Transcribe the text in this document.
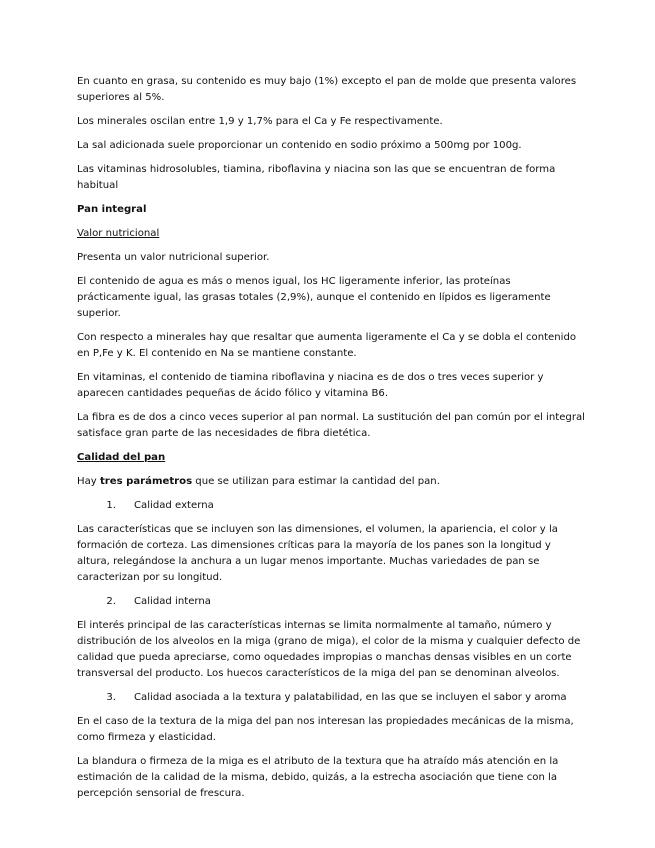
En cuanto en grasa, su contenido es muy bajo (1%) excepto el pan de molde que presenta valores superiores al 5%.

Los minerales oscilan entre 1,9 y 1,7% para el Ca y Fe respectivamente.

La sal adicionada suele proporcionar un contenido en sodio próximo a 500mg por 100g.

Las vitaminas hidrosolubles, tiamina, riboflavina y niacina son las que se encuentran de forma habitual

Pan integral

Valor nutricional

Presenta un valor nutricional superior.

El contenido de agua es más o menos igual, los HC ligeramente inferior, las proteínas prácticamente igual, las grasas totales (2,9%), aunque el contenido en lípidos es ligeramente superior.

Con respecto a minerales hay que resaltar que aumenta ligeramente el Ca y se dobla el contenido en P,Fe y K. El contenido en Na se mantiene constante.

En vitaminas, el contenido de tiamina riboflavina y niacina es de dos o tres veces superior y aparecen cantidades pequeñas de ácido fólico y vitamina B6.

La fibra es de dos a cinco veces superior al pan normal. La sustitución del pan común por el integral satisface gran parte de las necesidades de fibra dietética.

Calidad del pan

Hay tres parámetros que se utilizan para estimar la cantidad del pan.

1.	Calidad externa

Las características que se incluyen son las dimensiones, el volumen, la apariencia, el color y la formación de corteza. Las dimensiones críticas para la mayoría de los panes son la longitud y altura, relegándose la anchura a un lugar menos importante. Muchas variedades de pan se caracterizan por su longitud.

2.	Calidad interna

El interés principal de las características internas se limita normalmente al tamaño, número y distribución de los alveolos en la miga (grano de miga), el color de la misma y cualquier defecto de calidad que pueda apreciarse, como oquedades impropias o manchas densas visibles en un corte transversal del producto. Los huecos característicos de la miga del pan se denominan alveolos.

3.	Calidad asociada a la textura y palatabilidad, en las que se incluyen el sabor y aroma

En el caso de la textura de la miga del pan nos interesan las propiedades mecánicas de la misma, como firmeza y elasticidad.

La blandura o firmeza de la miga es el atributo de la textura que ha atraído más atención en la estimación de la calidad de la misma, debido, quizás, a la estrecha asociación que tiene con la percepción sensorial de frescura.
